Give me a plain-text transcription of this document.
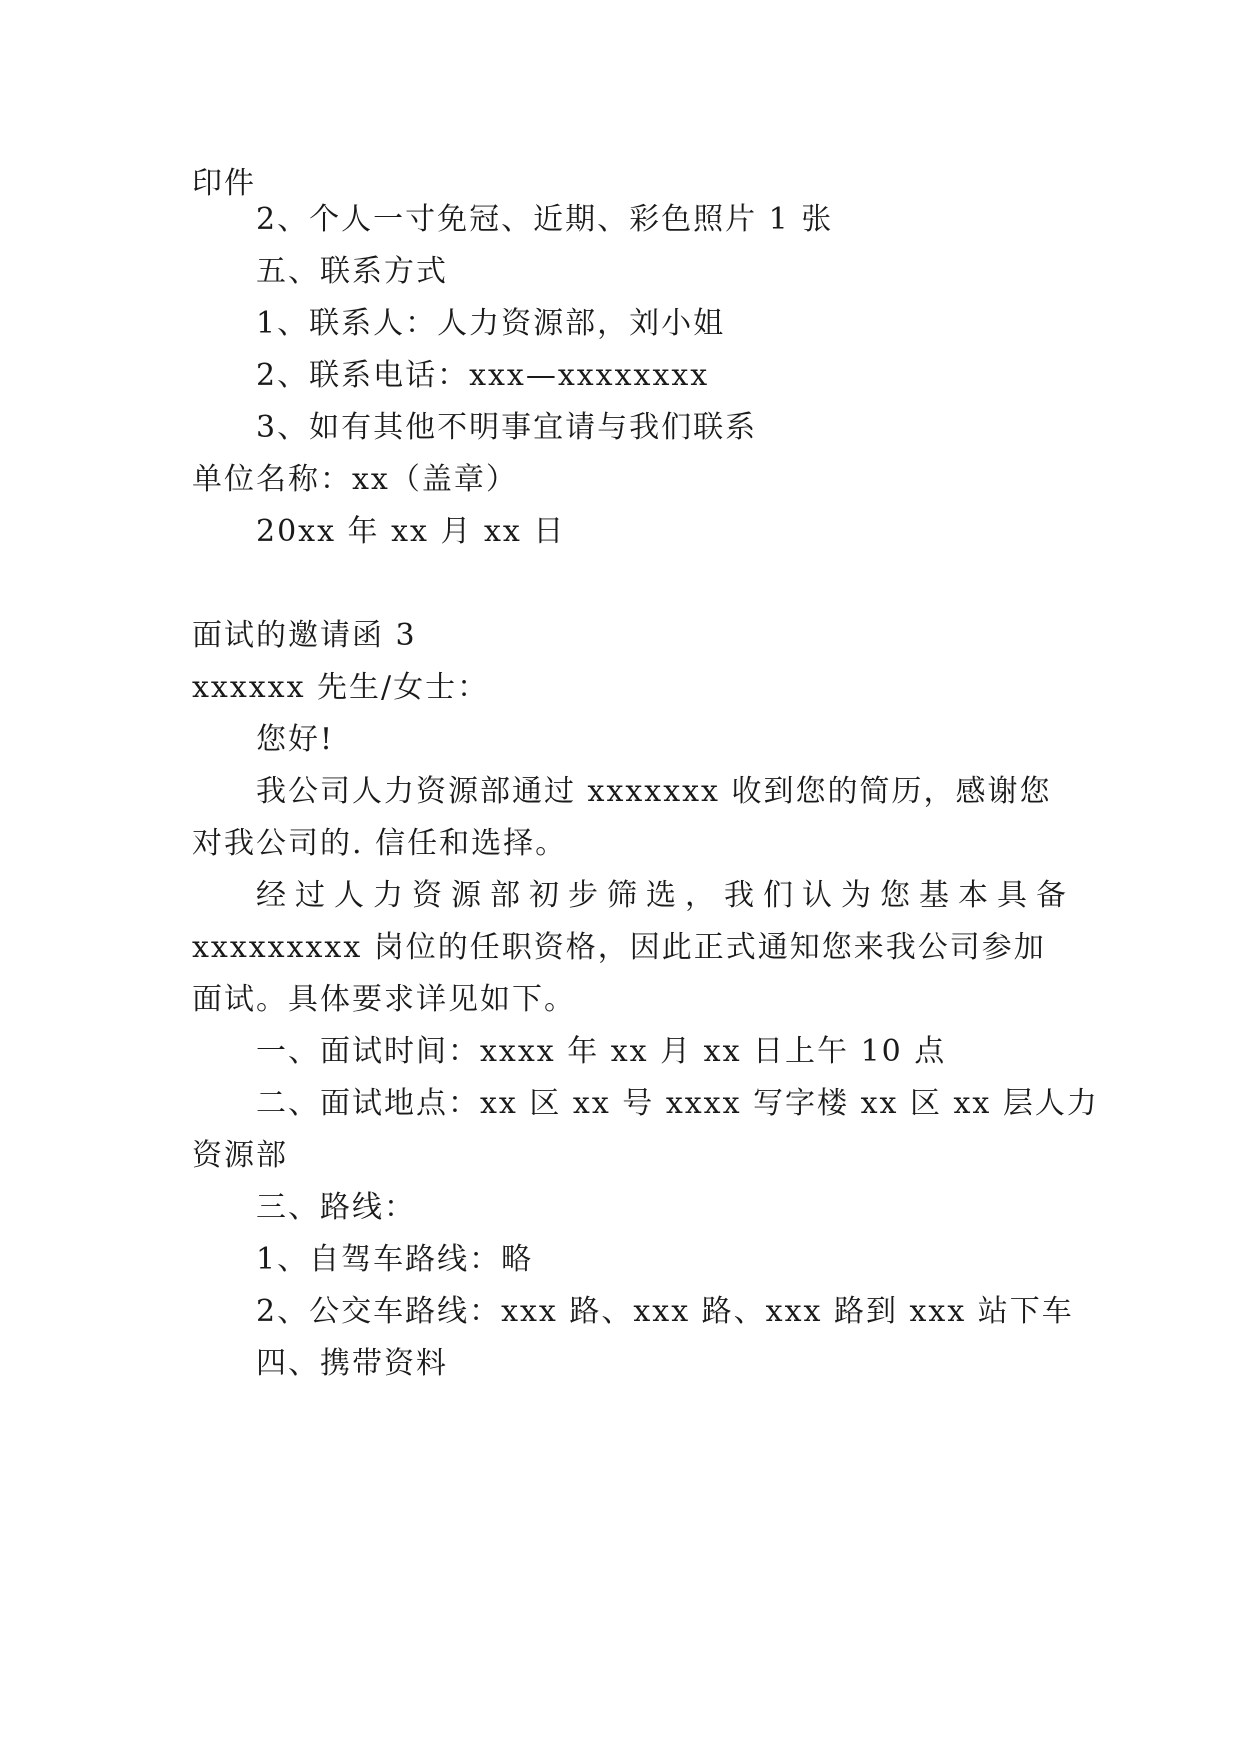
印件
2、个人一寸免冠、近期、彩色照片 1 张
五、联系方式
1、联系人：人力资源部，刘小姐
2、联系电话：xxx—xxxxxxxx
3、如有其他不明事宜请与我们联系
单位名称：xx（盖章）
20xx 年 xx 月 xx 日
面试的邀请函 3
xxxxxx 先生/女士：
您好!
我公司人力资源部通过 xxxxxxx 收到您的简历，感谢您
对我公司的. 信任和选择。
经过人力资源部初步筛选，我们认为您基本具备
xxxxxxxxx 岗位的任职资格，因此正式通知您来我公司参加
面试。具体要求详见如下。
一、面试时间：xxxx 年 xx 月 xx 日上午 10 点
二、面试地点：xx 区 xx 号 xxxx 写字楼 xx 区 xx 层人力
资源部
三、路线：
1、自驾车路线：略
2、公交车路线：xxx 路、xxx 路、xxx 路到 xxx 站下车
四、携带资料
